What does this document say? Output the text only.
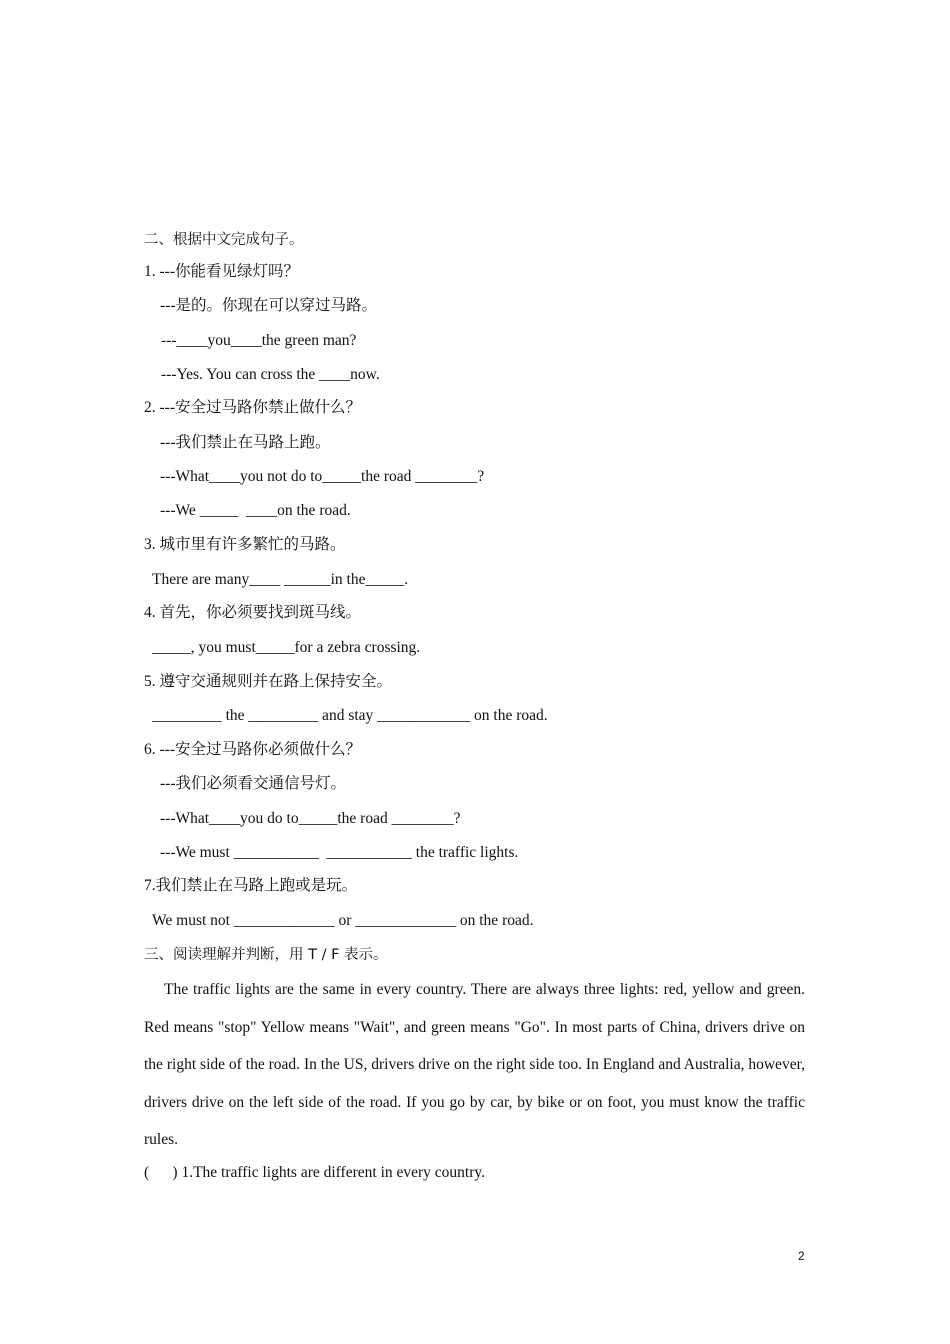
二、根据中文完成句子。
1. ---你能看见绿灯吗？
---是的。你现在可以穿过马路。
---____you____the green man?
---Yes. You can cross the ____now.
2. ---安全过马路你禁止做什么？
---我们禁止在马路上跑。
---What____you not do to_____the road ________?
---We _____  ____on the road.
3. 城市里有许多繁忙的马路。
There are many____ ______in the_____.
4. 首先，你必须要找到斑马线。
_____, you must_____for a zebra crossing.
5. 遵守交通规则并在路上保持安全。
_________ the _________ and stay ____________ on the road.
6. ---安全过马路你必须做什么？
---我们必须看交通信号灯。
---What____you do to_____the road ________?
---We must ___________  ___________ the traffic lights.
7.我们禁止在马路上跑或是玩。
We must not _____________ or _____________ on the road.
三、阅读理解并判断，用 T / F 表示。
The traffic lights are the same in every country. There are always three lights: red, yellow and green. Red means "stop" Yellow means "Wait", and green means "Go". In most parts of China, drivers drive on the right side of the road. In the US, drivers drive on the right side too. In England and Australia, however, drivers drive on the left side of the road. If you go by car, by bike or on foot, you must know the traffic rules.
(      ) 1.The traffic lights are different in every country.
2
